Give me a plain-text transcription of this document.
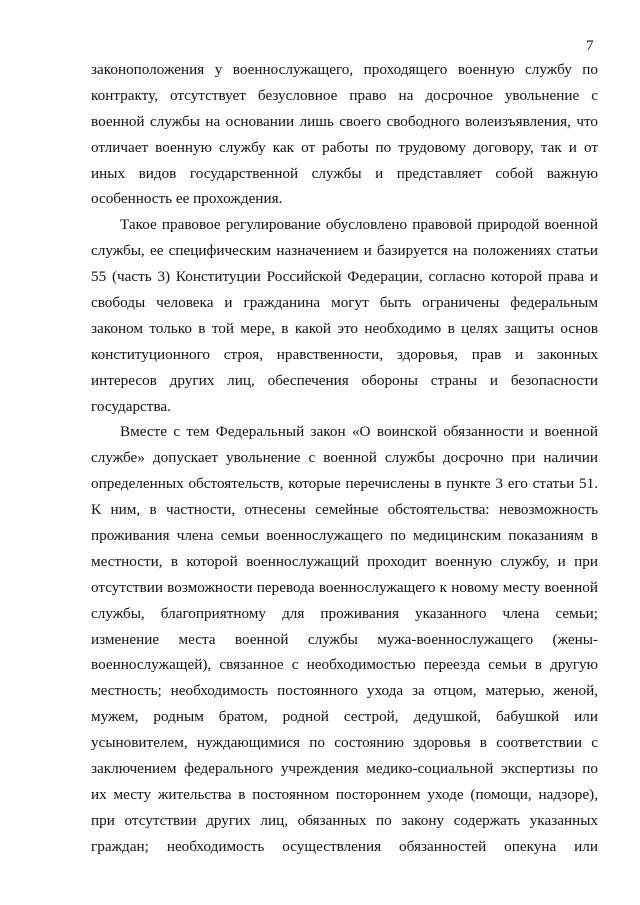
7
законоположения у военнослужащего, проходящего военную службу по
контракту, отсутствует безусловное право на досрочное увольнение с
военной службы на основании лишь своего свободного волеизъявления, что
отличает военную службу как от работы по трудовому договору, так и от
иных видов государственной службы и представляет собой важную
особенность ее прохождения.
Такое правовое регулирование обусловлено правовой природой военной
службы, ее специфическим назначением и базируется на положениях статьи
55 (часть 3) Конституции Российской Федерации, согласно которой права и
свободы человека и гражданина могут быть ограничены федеральным
законом только в той мере, в какой это необходимо в целях защиты основ
конституционного строя, нравственности, здоровья, прав и законных
интересов других лиц, обеспечения обороны страны и безопасности
государства.
Вместе с тем Федеральный закон «О воинской обязанности и военной
службе» допускает увольнение с военной службы досрочно при наличии
определенных обстоятельств, которые перечислены в пункте 3 его статьи 51.
К ним, в частности, отнесены семейные обстоятельства: невозможность
проживания члена семьи военнослужащего по медицинским показаниям в
местности, в которой военнослужащий проходит военную службу, и при
отсутствии возможности перевода военнослужащего к новому месту военной
службы, благоприятному для проживания указанного члена семьи;
изменение места военной службы мужа-военнослужащего (жены-
военнослужащей), связанное с необходимостью переезда семьи в другую
местность; необходимость постоянного ухода за отцом, матерью, женой,
мужем, родным братом, родной сестрой, дедушкой, бабушкой или
усыновителем, нуждающимися по состоянию здоровья в соответствии с
заключением федерального учреждения медико-социальной экспертизы по
их месту жительства в постоянном постороннем уходе (помощи, надзоре),
при отсутствии других лиц, обязанных по закону содержать указанных
граждан; необходимость осуществления обязанностей опекуна или
